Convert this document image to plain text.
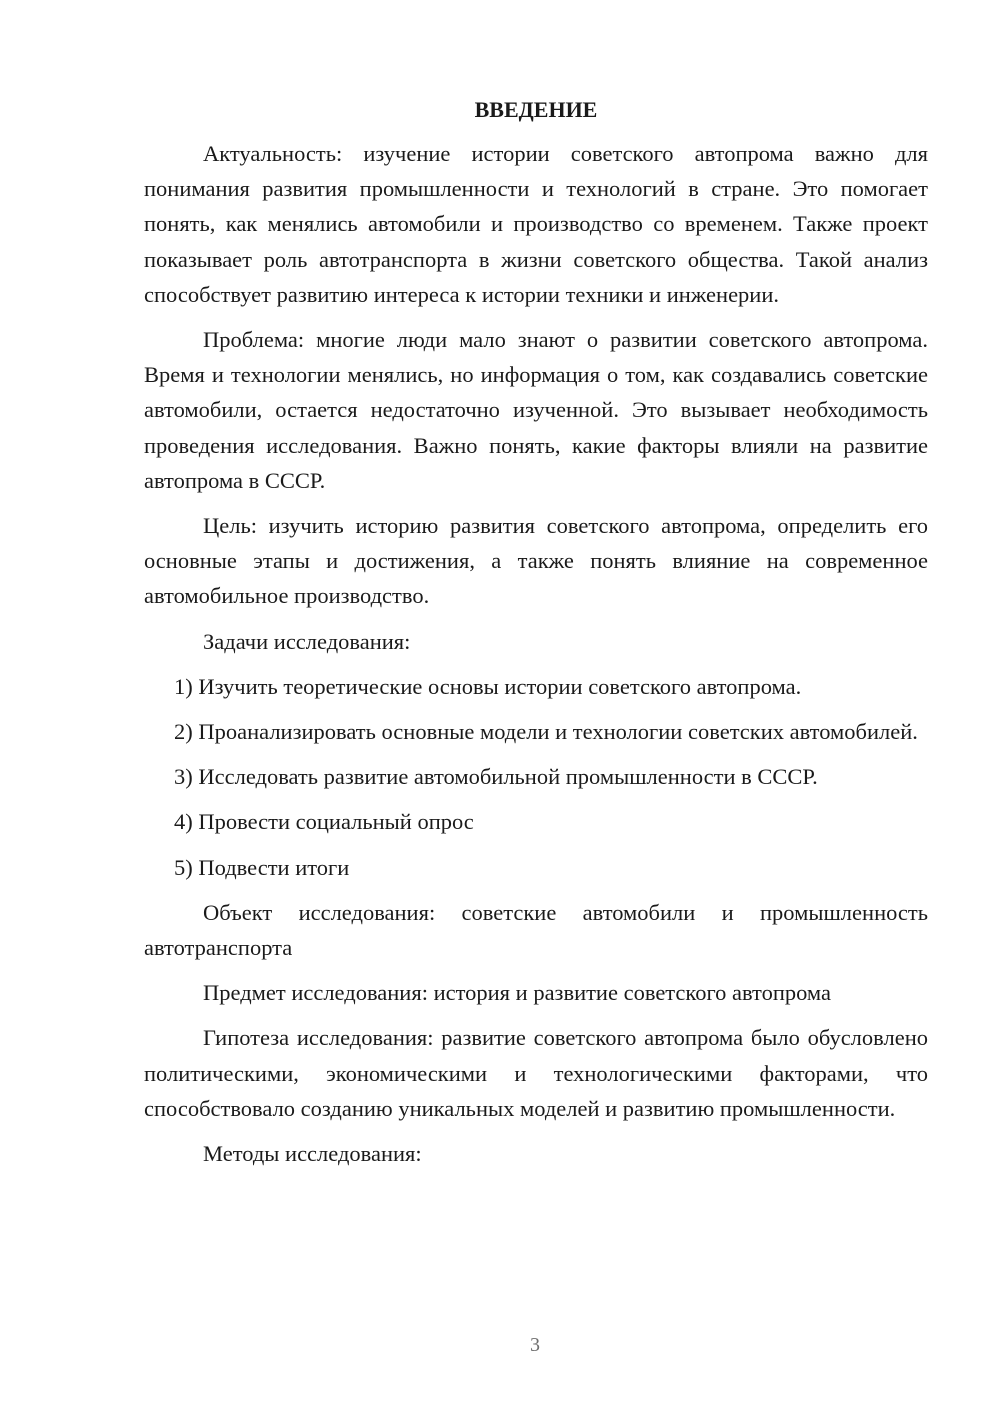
ВВЕДЕНИЕ

Актуальность: изучение истории советского автопрома важно для понимания развития промышленности и технологий в стране. Это помогает понять, как менялись автомобили и производство со временем. Также проект показывает роль автотранспорта в жизни советского общества. Такой анализ способствует развитию интереса к истории техники и инженерии.

Проблема: многие люди мало знают о развитии советского автопрома. Время и технологии менялись, но информация о том, как создавались советские автомобили, остается недостаточно изученной. Это вызывает необходимость проведения исследования. Важно понять, какие факторы влияли на развитие автопрома в СССР.

Цель: изучить историю развития советского автопрома, определить его основные этапы и достижения, а также понять влияние на современное автомобильное производство.

Задачи исследования:

1) Изучить теоретические основы истории советского автопрома.

2) Проанализировать основные модели и технологии советских автомобилей.

3) Исследовать развитие автомобильной промышленности в СССР.

4) Провести социальный опрос

5) Подвести итоги

Объект исследования: советские автомобили и промышленность автотранспорта

Предмет исследования: история и развитие советского автопрома

Гипотеза исследования: развитие советского автопрома было обусловлено политическими, экономическими и технологическими факторами, что способствовало созданию уникальных моделей и развитию промышленности.

Методы исследования:

3
